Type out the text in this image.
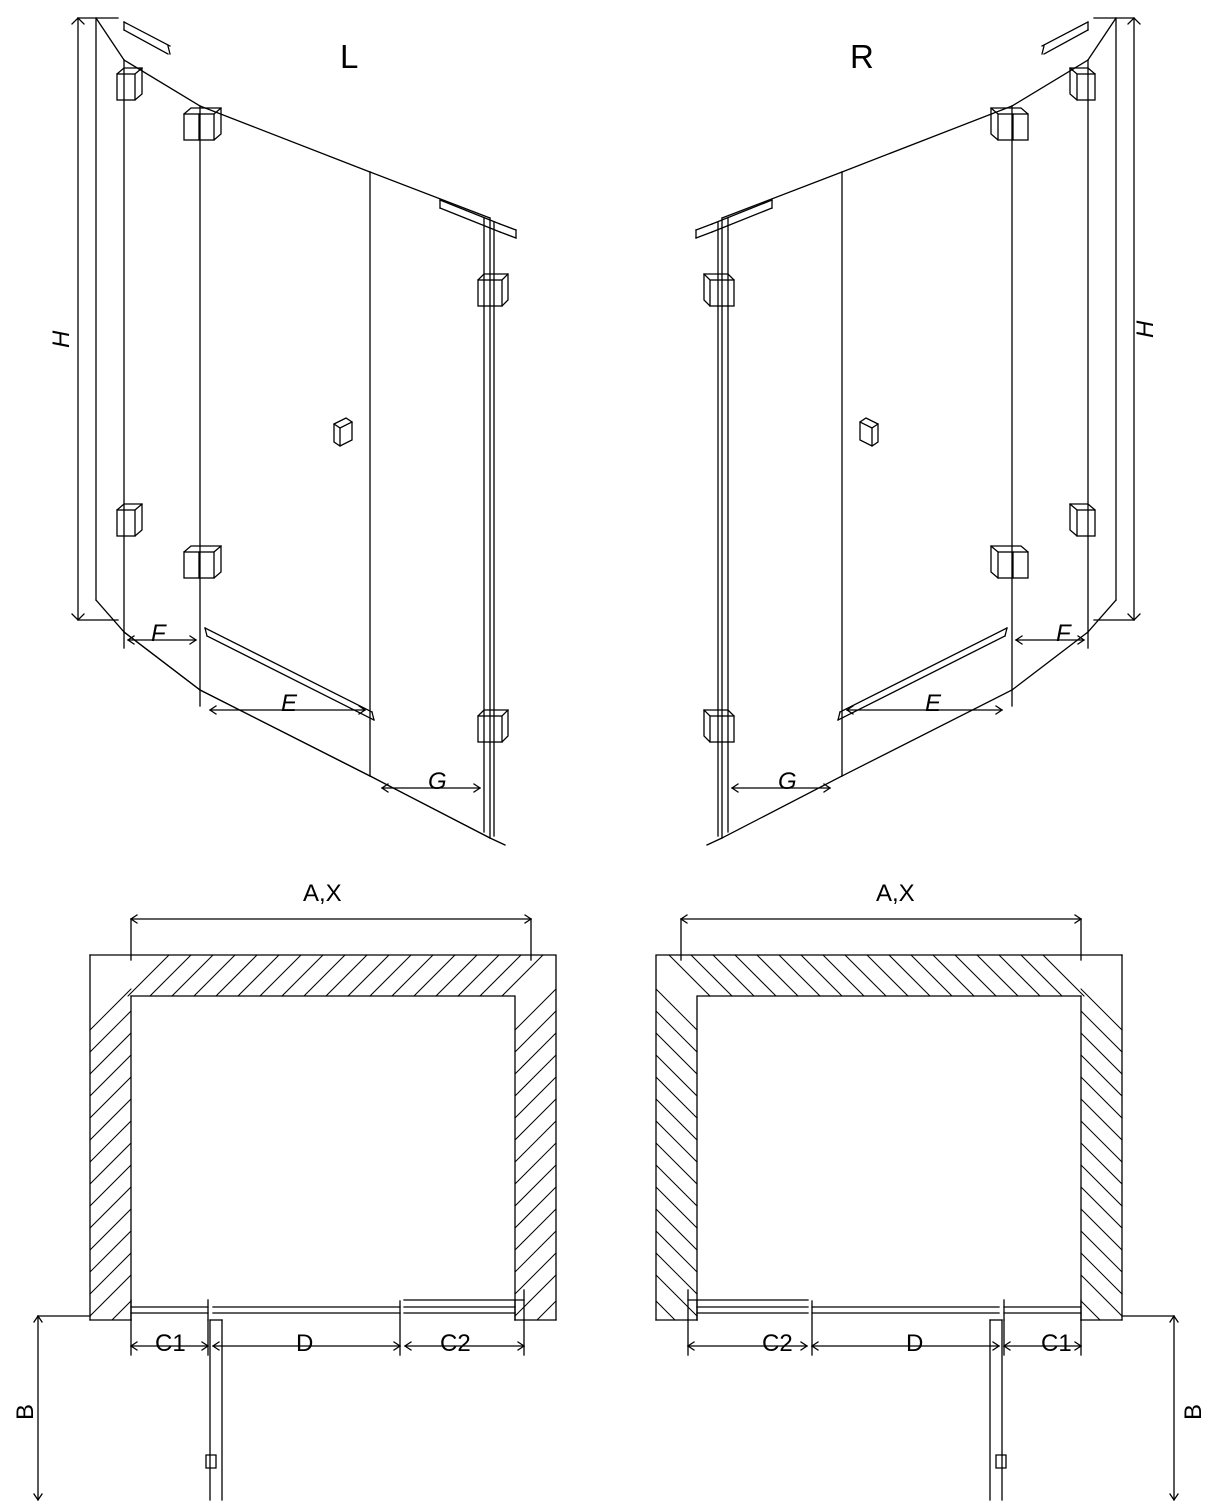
L	R
H
H
F
E
G
F
E
G
A,X	A,X
C1	D	C2	C2	D	C1
B	B
